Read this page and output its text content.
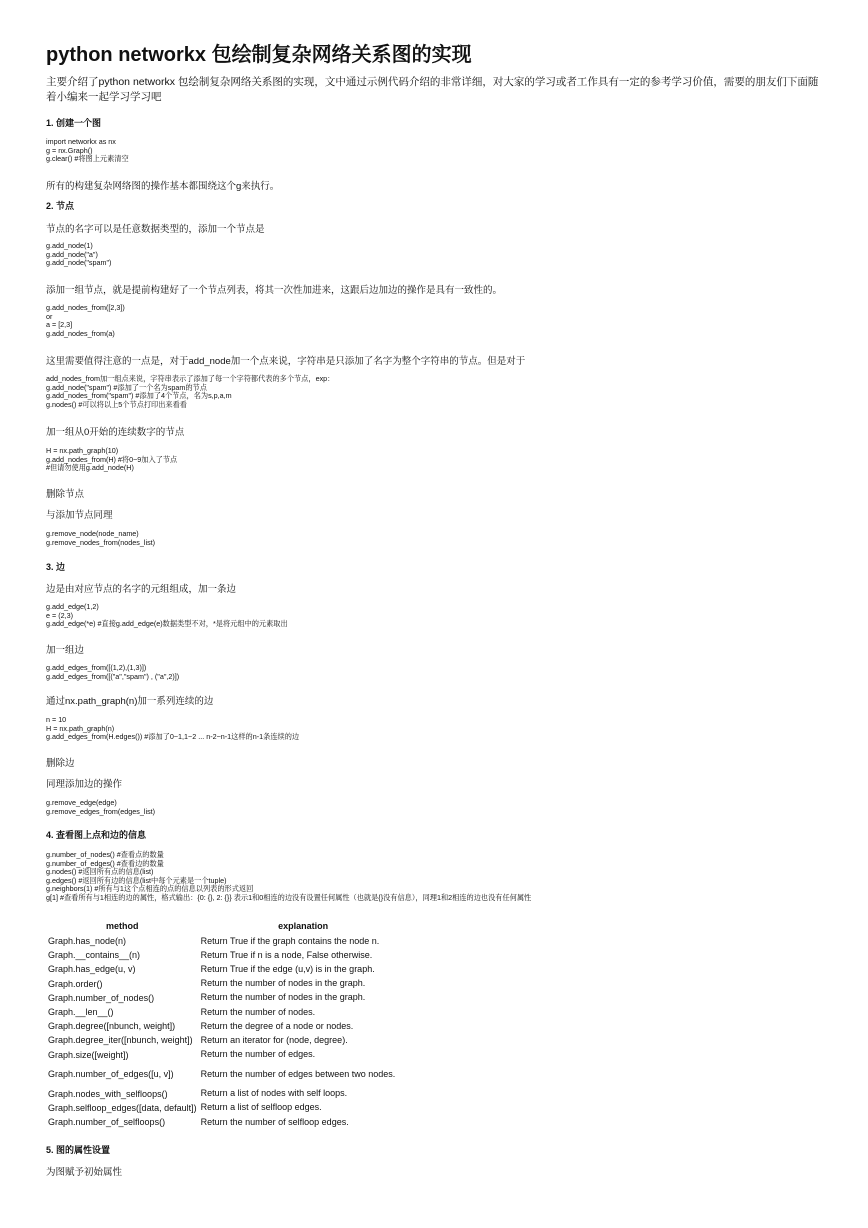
python networkx 包绘制复杂网络关系图的实现
主要介绍了python networkx 包绘制复杂网络关系图的实现，文中通过示例代码介绍的非常详细，对大家的学习或者工作具有一定的参考学习价值，需要的朋友们下面随着小编来一起学习学习吧
1. 创建一个图
import networkx as nx
g = nx.Graph()
g.clear() #将图上元素清空
所有的构建复杂网络图的操作基本都围绕这个g来执行。
2. 节点
节点的名字可以是任意数据类型的，添加一个节点是
g.add_node(1)
g.add_node("a")
g.add_node("spam")
添加一组节点，就是提前构建好了一个节点列表，将其一次性加进来，这跟后边加边的操作是具有一致性的。
g.add_nodes_from([2,3])
or
a = [2,3]
g.add_nodes_from(a)
这里需要值得注意的一点是，对于add_node加一个点来说，字符串是只添加了名字为整个字符串的节点。但是对于
add_nodes_from加一组点来说，字符串表示了添加了每一个字符都代表的多个节点，exp：
g.add_node("spam") #添加了一个名为spam的节点
g.add_nodes_from("spam") #添加了4个节点，名为s,p,a,m
g.nodes() #可以将以上5个节点打印出来看看
加一组从0开始的连续数字的节点
H = nx.path_graph(10)
g.add_nodes_from(H) #将0~9加入了节点
#但请勿使用g.add_node(H)
删除节点
与添加节点同理
g.remove_node(node_name)
g.remove_nodes_from(nodes_list)
3. 边
边是由对应节点的名字的元组组成，加一条边
g.add_edge(1,2)
e = (2,3)
g.add_edge(*e) #直接g.add_edge(e)数据类型不对，*是将元组中的元素取出
加一组边
g.add_edges_from([(1,2),(1,3)])
g.add_edges_from([("a","spam") , ("a",2)])
通过nx.path_graph(n)加一系列连续的边
n = 10
H = nx.path_graph(n)
g.add_edges_from(H.edges()) #添加了0~1,1~2 ... n-2~n-1这样的n-1条连续的边
删除边
同理添加边的操作
g.remove_edge(edge)
g.remove_edges_from(edges_list)
4. 查看图上点和边的信息
g.number_of_nodes() #查看点的数量
g.number_of_edges() #查看边的数量
g.nodes() #返回所有点的信息(list)
g.edges() #返回所有边的信息(list中每个元素是一个tuple)
g.neighbors(1) #所有与1这个点相连的点的信息以列表的形式返回
g[1] #查看所有与1相连的边的属性，格式输出：{0: {}, 2: {}} 表示1和0相连的边没有设置任何属性（也就是{}没有信息），同理1和2相连的边也没有任何属性
method	explanation
Graph.has_node(n)	Return True if the graph contains the node n.
Graph.__contains__(n)	Return True if n is a node, False otherwise.
Graph.has_edge(u, v)	Return True if the edge (u,v) is in the graph.
Graph.order()	Return the number of nodes in the graph.
Graph.number_of_nodes()	Return the number of nodes in the graph.
Graph.__len__()	Return the number of nodes.
Graph.degree([nbunch, weight])	Return the degree of a node or nodes.
Graph.degree_iter([nbunch, weight])	Return an iterator for (node, degree).
Graph.size([weight])	Return the number of edges.
Graph.number_of_edges([u, v])	Return the number of edges between two nodes.
Graph.nodes_with_selfloops()	Return a list of nodes with self loops.
Graph.selfloop_edges([data, default])	Return a list of selfloop edges.
Graph.number_of_selfloops()	Return the number of selfloop edges.
5. 图的属性设置
为图赋予初始属性
